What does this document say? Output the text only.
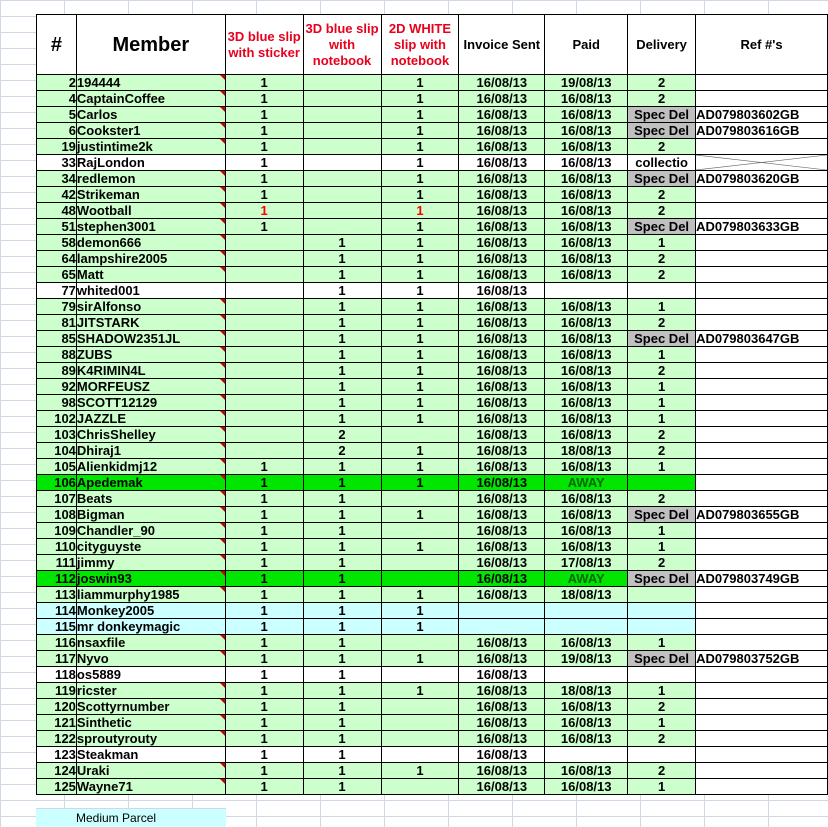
#	Member	3D blue slip with sticker	3D blue slip with notebook	2D WHITE slip with notebook	Invoice Sent	Paid	Delivery	Ref #'s
2	194444	1		1	16/08/13	19/08/13	2	
4	CaptainCoffee	1		1	16/08/13	16/08/13	2	
5	Carlos	1		1	16/08/13	16/08/13	Spec Del	AD079803602GB
6	Cookster1	1		1	16/08/13	16/08/13	Spec Del	AD079803616GB
19	justintime2k	1		1	16/08/13	16/08/13	2	
33	RajLondon	1		1	16/08/13	16/08/13	collectio	

34	redlemon	1		1	16/08/13	16/08/13	Spec Del	AD079803620GB
42	Strikeman	1		1	16/08/13	16/08/13	2	
48	Wootball	1		1	16/08/13	16/08/13	2	
51	stephen3001	1		1	16/08/13	16/08/13	Spec Del	AD079803633GB
58	demon666		1	1	16/08/13	16/08/13	1	
64	lampshire2005		1	1	16/08/13	16/08/13	2	
65	Matt		1	1	16/08/13	16/08/13	2	
77	whited001		1	1	16/08/13			
79	sirAlfonso		1	1	16/08/13	16/08/13	1	
81	JITSTARK		1	1	16/08/13	16/08/13	2	
85	SHADOW2351JL		1	1	16/08/13	16/08/13	Spec Del	AD079803647GB
88	ZUBS		1	1	16/08/13	16/08/13	1	
89	K4RIMIN4L		1	1	16/08/13	16/08/13	2	
92	MORFEUSZ		1	1	16/08/13	16/08/13	1	
98	SCOTT12129		1	1	16/08/13	16/08/13	1	
102	JAZZLE		1	1	16/08/13	16/08/13	1	
103	ChrisShelley		2		16/08/13	16/08/13	2	
104	Dhiraj1		2	1	16/08/13	18/08/13	2	
105	Alienkidmj12	1	1	1	16/08/13	16/08/13	1	
106	Apedemak	1	1	1	16/08/13	AWAY		
107	Beats	1	1		16/08/13	16/08/13	2	
108	Bigman	1	1	1	16/08/13	16/08/13	Spec Del	AD079803655GB
109	Chandler_90	1	1		16/08/13	16/08/13	1	
110	cityguyste	1	1	1	16/08/13	16/08/13	1	
111	jimmy	1	1		16/08/13	17/08/13	2	
112	joswin93	1	1		16/08/13	AWAY	Spec Del	AD079803749GB
113	liammurphy1985	1	1	1	16/08/13	18/08/13		
114	Monkey2005	1	1	1				
115	mr donkeymagic	1	1	1				
116	nsaxfile	1	1		16/08/13	16/08/13	1	
117	Nyvo	1	1	1	16/08/13	19/08/13	Spec Del	AD079803752GB
118	os5889	1	1		16/08/13			
119	ricster	1	1	1	16/08/13	18/08/13	1	
120	Scottyrnumber	1	1		16/08/13	16/08/13	2	
121	Sinthetic	1	1		16/08/13	16/08/13	1	
122	sproutyrouty	1	1		16/08/13	16/08/13	2	
123	Steakman	1	1		16/08/13			
124	Uraki	1	1	1	16/08/13	16/08/13	2	
125	Wayne71	1	1		16/08/13	16/08/13	1	
Medium Parcel
